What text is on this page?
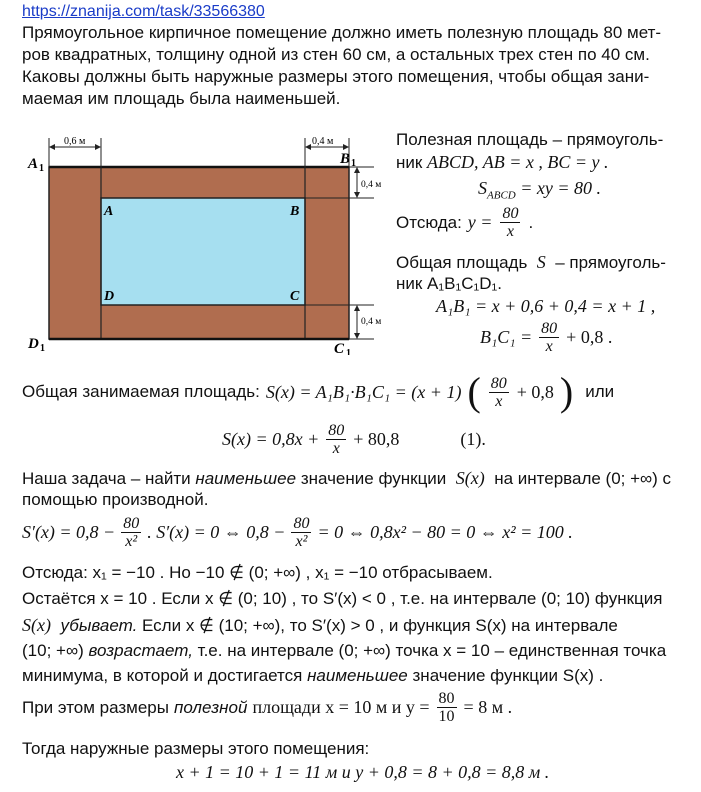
https://znanija.com/task/33566380
Прямоугольное кирпичное помещение должно иметь полезную площадь 80 мет-
ров квадратных, толщину одной из стен 60 см, а остальных трех стен по 40 см.
Каковы должны быть наружные размеры этого помещения, чтобы общая зани-
маемая им площадь была наименьшей.
0,6 м	0,4 м
0,4 м
0,4 м
A 1
B 1
C 1
D 1
A	B
C
D
Полезная площадь – прямоуголь-
ник ABCD, AB = x , BC = y .
$S_{ABCD}$ = xy = 80 .
Отсюда: $y = \frac{80}{x}$ .
Общая площадь S – прямоуголь-
ник A₁B₁C₁D₁.
A₁B₁ = x + 0,6 + 0,4 = x + 1 ,
$B_1C_1 = \frac{80}{x} + 0,8$ .
Общая занимаемая площадь: S(x) = A₁B₁·B₁C₁ = (x + 1) ( $\frac{80}{x} + 0,8$ ) или
$S(x) = 0,8x + \frac{80}{x} + 80,8$	(1).
Наша задача – найти наименьшее значение функции S(x) на интервале (0; +∞) с
помощью производной.
$S'(x) = 0,8 - \frac{80}{\text{x²}}$ . S′(x) = 0 ⇔ $0,8 - \frac{80}{\text{x²}} = 0$ ⇔ 0,8x² − 80 = 0 ⇔ x² = 100 .
Отсюда: x₁ = −10 . Но −10 ∉ (0; +∞) , x₁ = −10 отбрасываем.
Остаётся x = 10 . Если x ∉ (0; 10) , то S′(x) < 0 , т.е. на интервале (0; 10) функция
S(x) убывает. Если x ∉ (10; +∞), то S′(x) > 0 , и функция S(x) на интервале
(10; +∞) возрастает, т.е. на интервале (0; +∞) точка x = 10 – единственная точка
минимума, в которой и достигается наименьшее значение функции S(x) .
При этом размеры полезной площади x = 10 м и $y = \frac{80}{10} = 8$ м .
Тогда наружные размеры этого помещения:
x + 1 = 10 + 1 = 11 м и y + 0,8 = 8 + 0,8 = 8,8 м .
